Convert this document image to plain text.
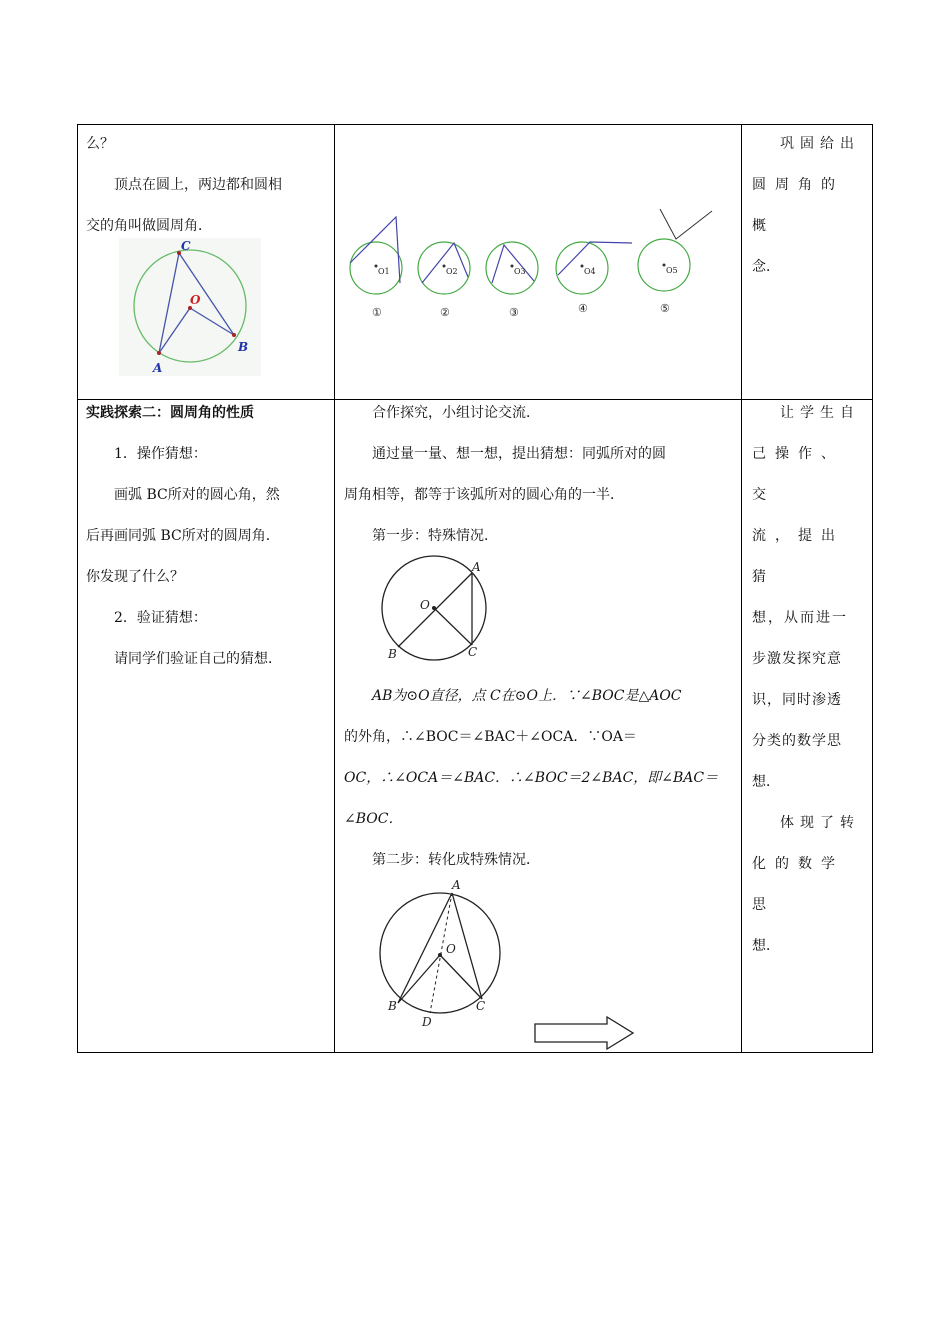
么？

顶点在圆上，两边都和圆相

交的角叫做圆周角．

C
O
A
B
O1
①
O2
②
O3
③
O4
④
O5
⑤

巩固给出

圆周角的概

念．

实践探索二：圆周角的性质

1．操作猜想：

画弧 BC所对的圆心角，然

后再画同弧 BC所对的圆周角．

你发现了什么？

2．验证猜想：

请同学们验证自己的猜想．

合作探究，小组讨论交流．

通过量一量、想一想，提出猜想：同弧所对的圆

周角相等，都等于该弧所对的圆心角的一半．

第一步：特殊情况．

O
A
B	C

AB为⊙O直径，点 C在⊙O上．∵∠BOC是△AOC

的外角，∴∠BOC＝∠BAC＋∠OCA．∵OA＝

OC，∴∠OCA＝∠BAC．∴∠BOC＝2∠BAC，即∠BAC＝

∠BOC．

第二步：转化成特殊情况．

A
O
B	C
D

让学生自

己操作、交

流，提出猜

想，从而进一

步激发探究意

识，同时渗透

分类的数学思

想．

体现了转

化的数学思

想．
